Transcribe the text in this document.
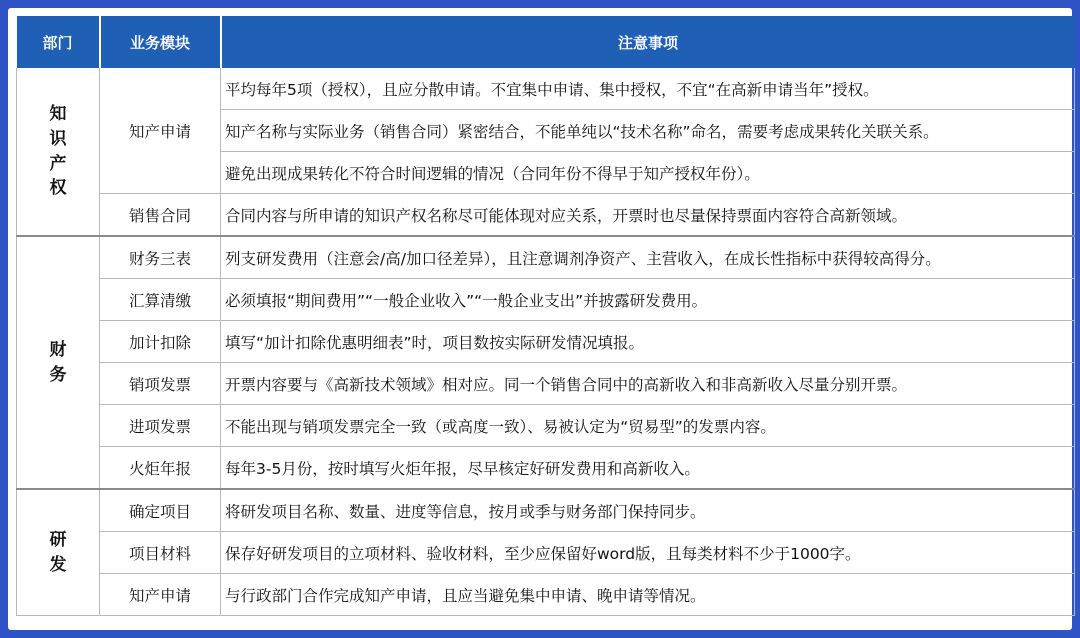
部门	业务模块	注意事项
知识产权	知产申请	平均每年5项（授权），且应分散申请。不宜集中申请、集中授权，不宜“在高新申请当年”授权。
		知产名称与实际业务（销售合同）紧密结合，不能单纯以“技术名称”命名，需要考虑成果转化关联关系。
		避免出现成果转化不符合时间逻辑的情况（合同年份不得早于知产授权年份）。
	销售合同	合同内容与所申请的知识产权名称尽可能体现对应关系，开票时也尽量保持票面内容符合高新领域。
财务	财务三表	列支研发费用（注意会/高/加口径差异），且注意调剂净资产、主营收入，在成长性指标中获得较高得分。
	汇算清缴	必须填报“期间费用”“一般企业收入”“一般企业支出”并披露研发费用。
	加计扣除	填写“加计扣除优惠明细表”时，项目数按实际研发情况填报。
	销项发票	开票内容要与《高新技术领域》相对应。同一个销售合同中的高新收入和非高新收入尽量分别开票。
	进项发票	不能出现与销项发票完全一致（或高度一致）、易被认定为“贸易型”的发票内容。
	火炬年报	每年3-5月份，按时填写火炬年报，尽早核定好研发费用和高新收入。
研发	确定项目	将研发项目名称、数量、进度等信息，按月或季与财务部门保持同步。
	项目材料	保存好研发项目的立项材料、验收材料，至少应保留好word版，且每类材料不少于1000字。
	知产申请	与行政部门合作完成知产申请，且应当避免集中申请、晚申请等情况。
